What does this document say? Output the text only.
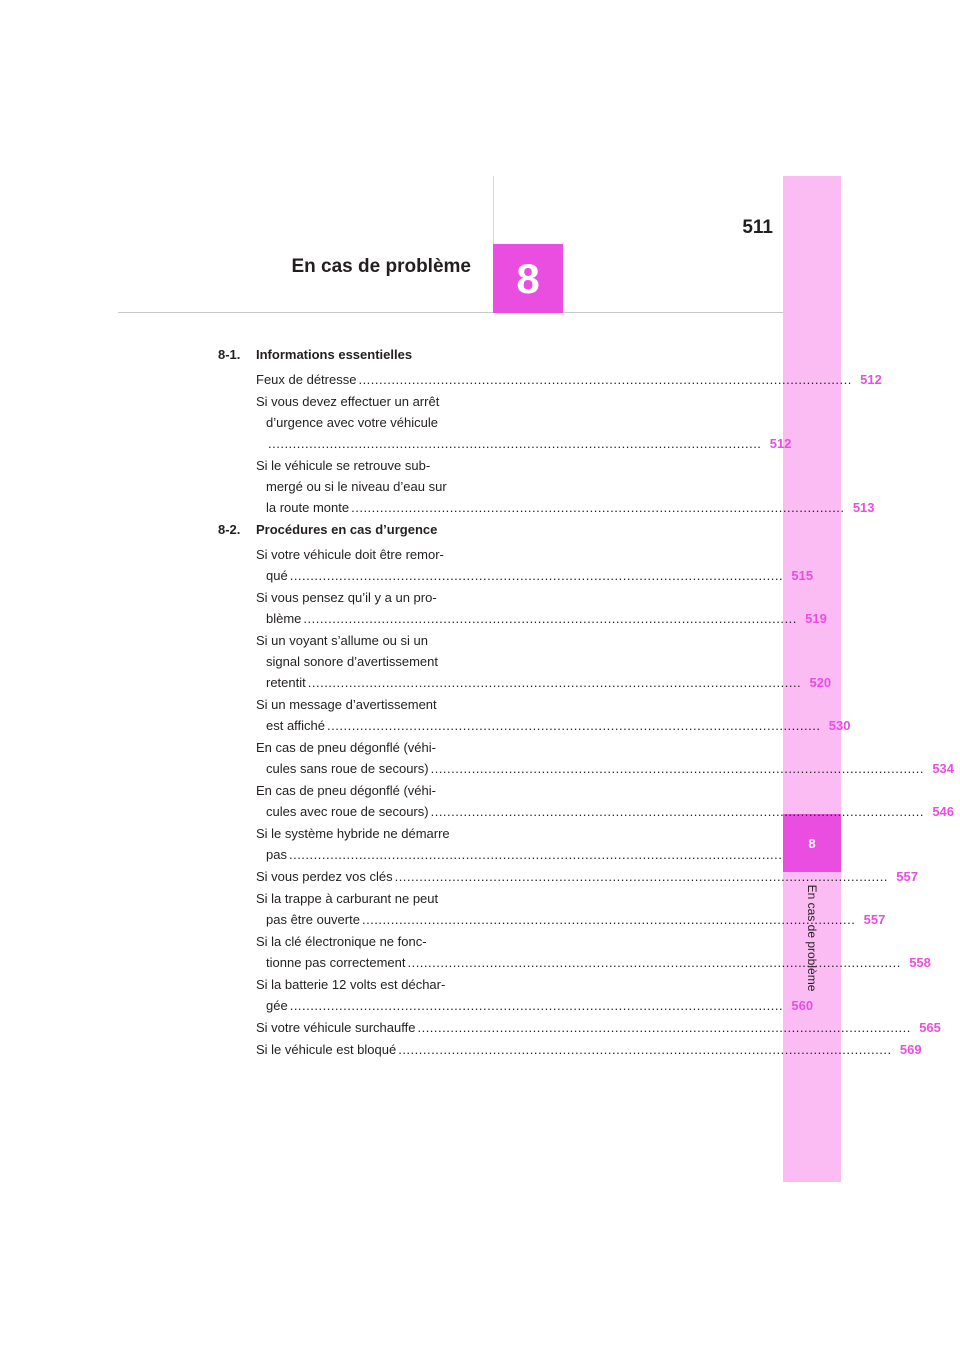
8
En cas de problème
8
511
En cas de problème
8-1.	Informations essentielles
Feux de détresse ........................................................................................................................ 512
Si vous devez effectuer un arrêt
d’urgence avec votre véhicule
........................................................................................................................ 512
Si le véhicule se retrouve sub-
mergé ou si le niveau d’eau sur
la route monte ........................................................................................................................ 513
8-2.	Procédures en cas d’urgence
Si votre véhicule doit être remor-
qué ........................................................................................................................ 515
Si vous pensez qu’il y a un pro-
blème ........................................................................................................................ 519
Si un voyant s’allume ou si un
signal sonore d’avertissement
retentit ........................................................................................................................ 520
Si un message d’avertissement
est affiché ........................................................................................................................ 530
En cas de pneu dégonflé (véhi-
cules sans roue de secours) ........................................................................................................................ 534
En cas de pneu dégonflé (véhi-
cules avec roue de secours) ........................................................................................................................ 546
Si le système hybride ne démarre
pas ........................................................................................................................ 555
Si vous perdez vos clés ........................................................................................................................ 557
Si la trappe à carburant ne peut
pas être ouverte ........................................................................................................................ 557
Si la clé électronique ne fonc-
tionne pas correctement ........................................................................................................................ 558
Si la batterie 12 volts est déchar-
gée ........................................................................................................................ 560
Si votre véhicule surchauffe ........................................................................................................................ 565
Si le véhicule est bloqué ........................................................................................................................ 569
